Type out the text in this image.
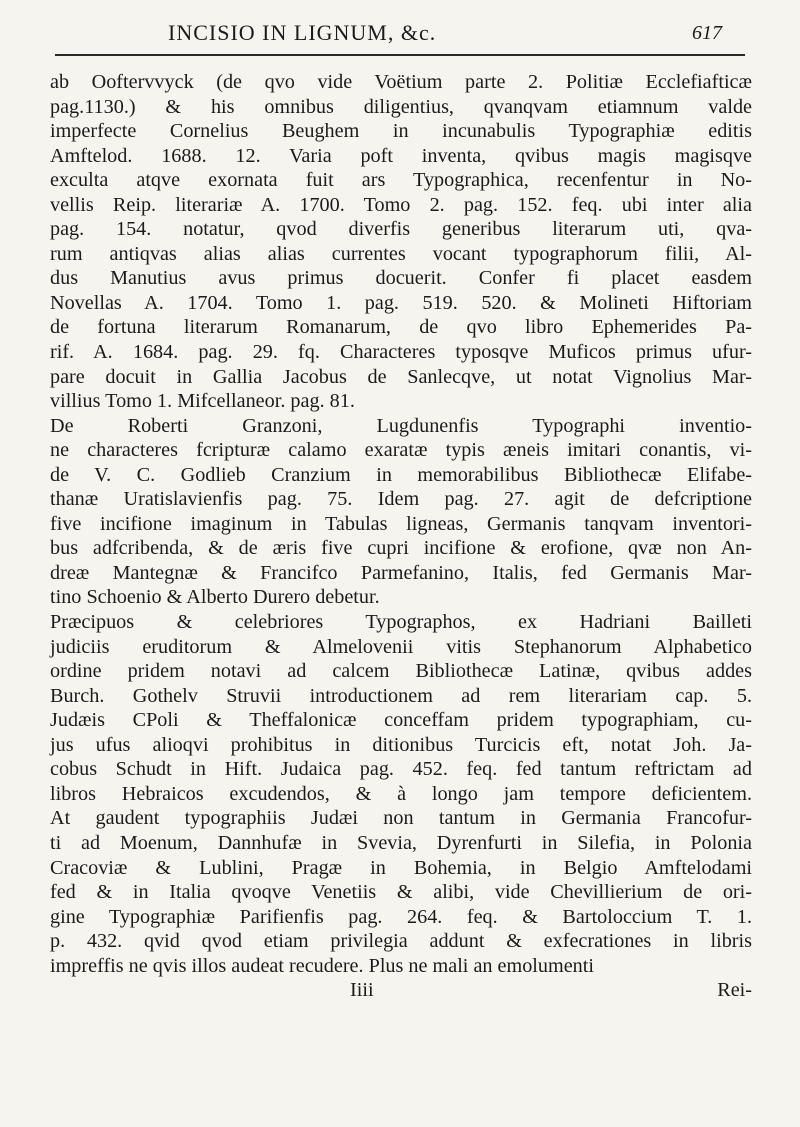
INCISIO IN LIGNUM, &c.	617
ab Ooftervvyck (de qvo vide Voëtium parte 2. Politiæ Ecclefiafticæ
pag.1130.) & his omnibus diligentius, qvanqvam etiamnum valde
imperfecte Cornelius Beughem in incunabulis Typographiæ editis
Amftelod. 1688. 12. Varia poft inventa, qvibus magis magisqve
exculta atqve exornata fuit ars Typographica, recenfentur in No-
vellis Reip. literariæ A. 1700. Tomo 2. pag. 152. feq. ubi inter alia
pag. 154. notatur, qvod diverfis generibus literarum uti, qva-
rum antiqvas alias alias currentes vocant typographorum filii, Al-
dus Manutius avus primus docuerit. Confer fi placet easdem
Novellas A. 1704. Tomo 1. pag. 519. 520. & Molineti Hiftoriam
de fortuna literarum Romanarum, de qvo libro Ephemerides Pa-
rif. A. 1684. pag. 29. fq. Characteres typosqve Muficos primus ufur-
pare docuit in Gallia Jacobus de Sanlecqve, ut notat Vignolius Mar-
villius Tomo 1. Mifcellaneor. pag. 81.
De Roberti Granzoni, Lugdunenfis Typographi inventio-
ne characteres fcripturæ calamo exaratæ typis æneis imitari conantis, vi-
de V. C. Godlieb Cranzium in memorabilibus Bibliothecæ Elifabe-
thanæ Uratislavienfis pag. 75. Idem pag. 27. agit de defcriptione
five incifione imaginum in Tabulas ligneas, Germanis tanqvam inventori-
bus adfcribenda, & de æris five cupri incifione & erofione, qvæ non An-
dreæ Mantegnæ & Francifco Parmefanino, Italis, fed Germanis Mar-
tino Schoenio & Alberto Durero debetur.
Præcipuos & celebriores Typographos, ex Hadriani Bailleti
judiciis eruditorum & Almelovenii vitis Stephanorum Alphabetico
ordine pridem notavi ad calcem Bibliothecæ Latinæ, qvibus addes
Burch. Gothelv Struvii introductionem ad rem literariam cap. 5.
Judæis CPoli & Theffalonicæ conceffam pridem typographiam, cu-
jus ufus alioqvi prohibitus in ditionibus Turcicis eft, notat Joh. Ja-
cobus Schudt in Hift. Judaica pag. 452. feq. fed tantum reftrictam ad
libros Hebraicos excudendos, & à longo jam tempore deficientem.
At gaudent typographiis Judæi non tantum in Germania Francofur-
ti ad Moenum, Dannhufæ in Svevia, Dyrenfurti in Silefia, in Polonia
Cracoviæ & Lublini, Pragæ in Bohemia, in Belgio Amftelodami
fed & in Italia qvoqve Venetiis & alibi, vide Chevillierium de ori-
gine Typographiæ Parifienfis pag. 264. feq. & Bartoloccium T. 1.
p. 432. qvid qvod etiam privilegia addunt & exfecrationes in libris
impreffis ne qvis illos audeat recudere. Plus ne mali an emolumenti
Iiii	Rei-
